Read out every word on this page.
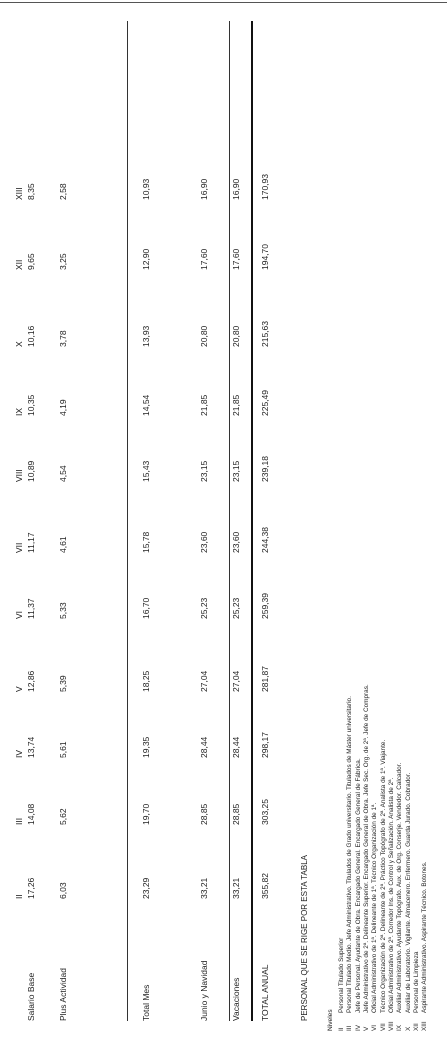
II
III
IV
V
VI
VII
VIII
IX
X
XII
XIII
Salario Base
17,26
14,08
13,74
12,86
11,37
11,17
10,89
10,35
10,16
9,65
8,35
Plus Actividad
6,03
5,62
5,61
5,39
5,33
4,61
4,54
4,19
3,78
3,25
2,58
Total Mes
23,29
19,70
19,35
18,25
16,70
15,78
15,43
14,54
13,93
12,90
10,93
Junio y Navidad
33,21
28,85
28,44
27,04
25,23
23,60
23,15
21,85
20,80
17,60
16,90
Vacaciones
33,21
28,85
28,44
27,04
25,23
23,60
23,15
21,85
20,80
17,60
16,90
TOTAL ANUAL
355,82
303,25
298,17
281,87
259,39
244,38
239,18
225,49
215,63
194,70
170,93
PERSONAL QUE SE RIGE POR ESTA TABLA	Niveles II
Personal Titulado Superior
III
Personal Titulado Medio. Jefe Administrativo. Titulados de Grado universitario. Titulados de Máster universitario.
IV
Jefe de Personal. Ayudante de Obra. Encargado General. Encargado General de Fábrica.
V
Jefe Administrativo de 2ª. Delineante Superior. Encargado General de Obra. Jefe Sec. Org. de 2ª. Jefe de Compras.
VI
Oficial Administrativo de 1ª. Delineante de 1ª. Técnico Organización de 1ª.
VII
Técnico Organización de 2ª. Delineante de 2ª. Práctico Topógrafo de 2ª. Analista de 1ª. Viajante.
VIII
Oficial Administrativo de 2ª. Corredor Ins. de Control y Señalización. Analista de 2ª.
IX
Auxiliar Administrativo. Ayudante Topógrafo. Aux. de Org. Conserje. Vendedor. Calcador.
X
Auxiliar de Laboratorio. Vigilante. Almacenero. Enfermero. Guarda Jurado. Cobrador.
XII
Personal de Limpieza
XIII
Aspirante Administrativo. Aspirante Técnico. Botones.
